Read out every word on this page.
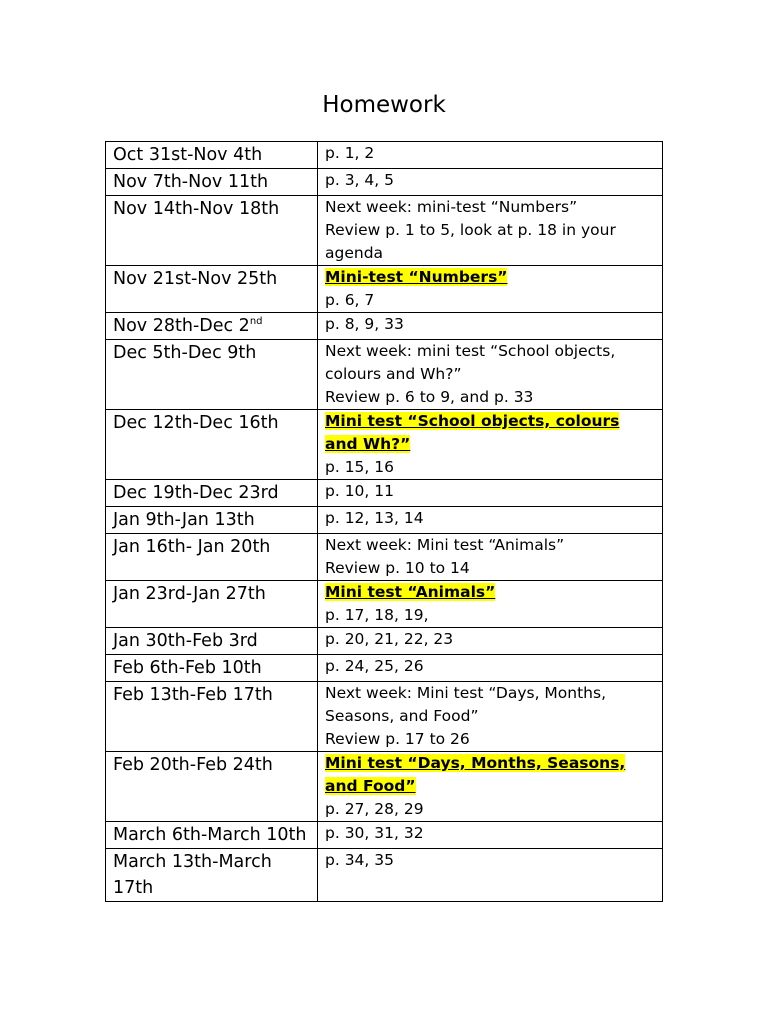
Homework
Oct 31st-Nov 4th	p. 1, 2

Nov 7th-Nov 11th	p. 3, 4, 5

Nov 14th-Nov 18th	Next week: mini-test “Numbers”
Review p. 1 to 5, look at p. 18 in your agenda

Nov 21st-Nov 25th	Mini-test “Numbers”
p. 6, 7

Nov 28th-Dec 2nd	p. 8, 9, 33

Dec 5th-Dec 9th	Next week: mini test “School objects, colours and Wh?”
Review p. 6 to 9, and p. 33

Dec 12th-Dec 16th	Mini test “School objects, colours and Wh?”
p. 15, 16

Dec 19th-Dec 23rd	p. 10, 11

Jan 9th-Jan 13th	p. 12, 13, 14

Jan 16th- Jan 20th	Next week: Mini test “Animals”
Review p. 10 to 14

Jan 23rd-Jan 27th	Mini test “Animals”
p. 17, 18, 19,

Jan 30th-Feb 3rd	p. 20, 21, 22, 23

Feb 6th-Feb 10th	p. 24, 25, 26

Feb 13th-Feb 17th	Next week: Mini test “Days, Months, Seasons, and Food”
Review p. 17 to 26

Feb 20th-Feb 24th	Mini test “Days, Months, Seasons, and Food”
p. 27, 28, 29

March 6th-March 10th	p. 30, 31, 32

March 13th-March 17th	p. 34, 35
